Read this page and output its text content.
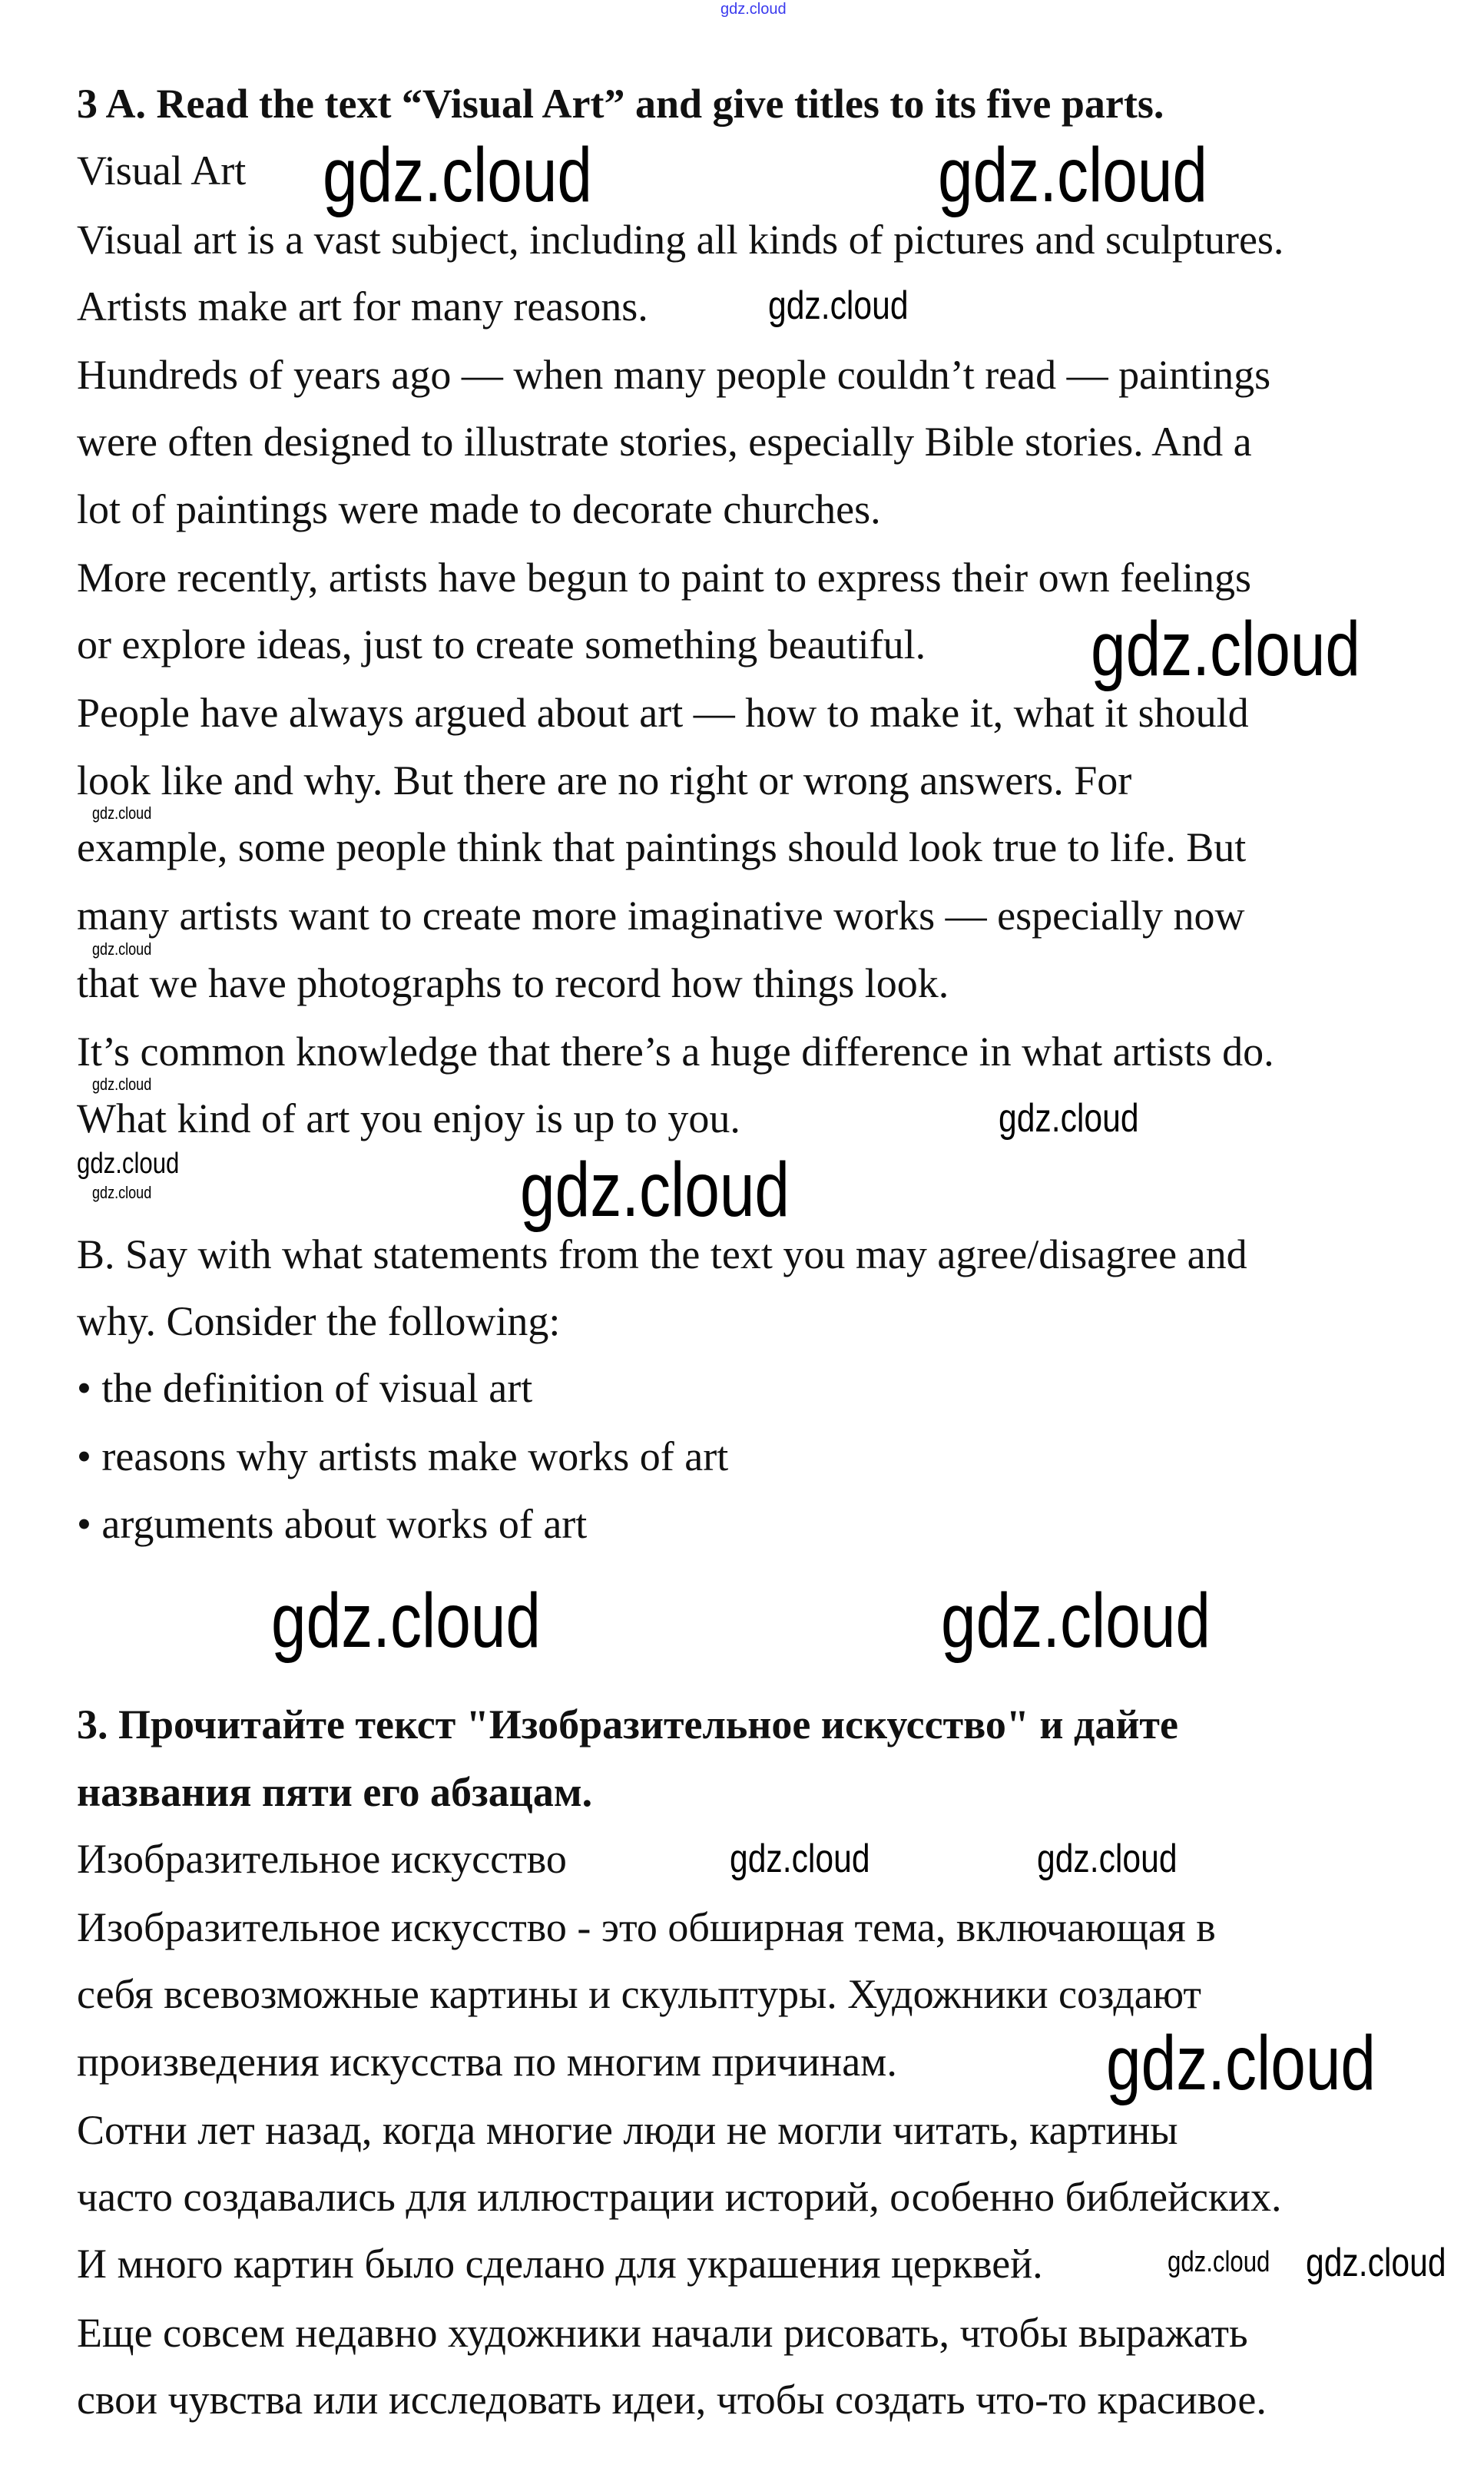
gdz.cloud
3 A. Read the text “Visual Art” and give titles to its five parts.
Visual Art
Visual art is a vast subject, including all kinds of pictures and sculptures.
Artists make art for many reasons.
Hundreds of years ago — when many people couldn’t read — paintings
were often designed to illustrate stories, especially Bible stories. And a
lot of paintings were made to decorate churches.
More recently, artists have begun to paint to express their own feelings
or explore ideas, just to create something beautiful.
People have always argued about art — how to make it, what it should
look like and why. But there are no right or wrong answers. For
example, some people think that paintings should look true to life. But
many artists want to create more imaginative works — especially now
that we have photographs to record how things look.
It’s common knowledge that there’s a huge difference in what artists do.
What kind of art you enjoy is up to you.
B. Say with what statements from the text you may agree/disagree and
why. Consider the following:
• the definition of visual art
• reasons why artists make works of art
• arguments about works of art
3. Прочитайте текст "Изобразительное искусство" и дайте
названия пяти его абзацам.
Изобразительное искусство
Изобразительное искусство - это обширная тема, включающая в
себя всевозможные картины и скульптуры. Художники создают
произведения искусства по многим причинам.
Сотни лет назад, когда многие люди не могли читать, картины
часто создавались для иллюстрации историй, особенно библейских.
И много картин было сделано для украшения церквей.
Еще совсем недавно художники начали рисовать, чтобы выражать
свои чувства или исследовать идеи, чтобы создать что-то красивое.
gdz.cloud	gdz.cloud
gdz.cloud
gdz.cloud
gdz.cloud
gdz.cloud
gdz.cloud
gdz.cloud
gdz.cloud	gdz.cloud
gdz.cloud
gdz.cloud	gdz.cloud
gdz.cloud	gdz.cloud
gdz.cloud
gdz.cloud gdz.cloud
